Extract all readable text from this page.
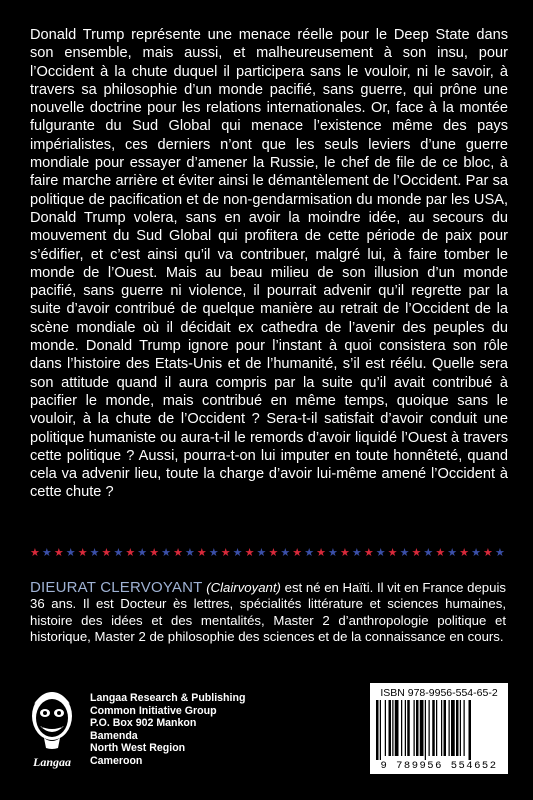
Donald Trump représente une menace réelle pour le Deep State dans son ensemble, mais aussi, et malheureusement à son insu, pour l’Occident à la chute duquel il participera sans le vouloir, ni le savoir, à travers sa philosophie d’un monde pacifié, sans guerre, qui prône une nouvelle doctrine pour les relations internationales. Or, face à la montée fulgurante du Sud Global qui menace l’existence même des pays impérialistes, ces derniers n’ont que les seuls leviers d’une guerre mondiale pour essayer d’amener la Russie, le chef de file de ce bloc, à faire marche arrière et éviter ainsi le démantèlement de l’Occident. Par sa politique de pacification et de non-gendarmisation du monde par les USA, Donald Trump volera, sans en avoir la moindre idée, au secours du mouvement du Sud Global qui profitera de cette période de paix pour s’édifier, et c’est ainsi qu’il va contribuer, malgré lui, à faire tomber le monde de l’Ouest. Mais au beau milieu de son illusion d’un monde pacifié, sans guerre ni violence, il pourrait advenir qu’il regrette par la suite d’avoir contribué de quelque manière au retrait de l’Occident de la scène mondiale où il décidait ex cathedra de l’avenir des peuples du monde. Donald Trump ignore pour l’instant à quoi consistera son rôle dans l’histoire des Etats-Unis et de l’humanité, s’il est réélu. Quelle sera son attitude quand il aura compris par la suite qu’il avait contribué à pacifier le monde, mais contribué en même temps, quoique sans le vouloir, à la chute de l’Occident ? Sera-t-il satisfait d’avoir conduit une politique humaniste ou aura-t-il le remords d’avoir liquidé l’Ouest à travers cette politique ? Aussi, pourra-t-on lui imputer en toute honnêteté, quand cela va advenir lieu, toute la charge d’avoir lui-même amené l’Occident à cette chute ?

★ ★ ★ ★ ★ ★ ★ ★ ★ ★ ★ ★ ★ ★ ★ ★ ★ ★ ★ ★ ★ ★ ★ ★ ★ ★ ★ ★ ★ ★ ★ ★ ★ ★ ★ ★ ★ ★ ★ ★

DIEURAT CLERVOYANT (Clairvoyant) est né en Haïti. Il vit en France depuis 36 ans. Il est Docteur ès lettres, spécialités littérature et sciences humaines, histoire des idées et des mentalités, Master 2 d’anthropologie politique et historique, Master 2 de philosophie des sciences et de la connaissance en cours.

Langaa
Langaa Research & Publishing
Common Initiative Group
P.O. Box 902 Mankon
Bamenda
North West Region
Cameroon
ISBN 978-9956-554-65-2
9 789956 554652
